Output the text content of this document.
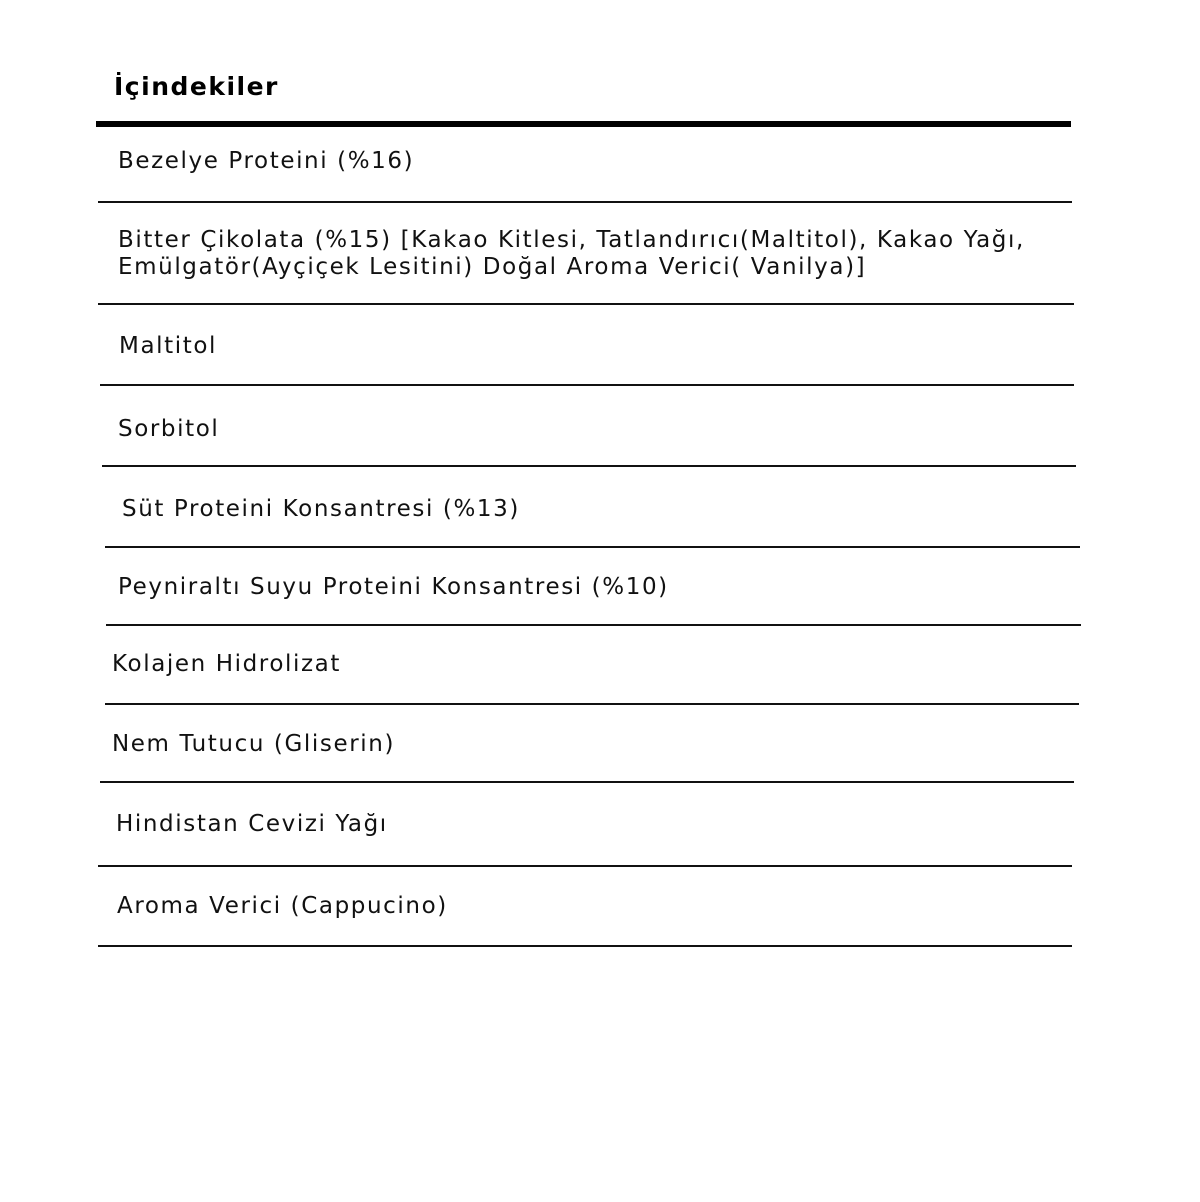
İçindekiler

Bezelye Proteini (%16)

Bitter Çikolata (%15) [Kakao Kitlesi, Tatlandırıcı(Maltitol), Kakao Yağı,

Emülgatör(Ayçiçek Lesitini) Doğal Aroma Verici( Vanilya)]

Maltitol

Sorbitol

Süt Proteini Konsantresi (%13)

Peyniraltı Suyu Proteini Konsantresi (%10)

Kolajen Hidrolizat

Nem Tutucu (Gliserin)

Hindistan Cevizi Yağı

Aroma Verici (Cappucino)
